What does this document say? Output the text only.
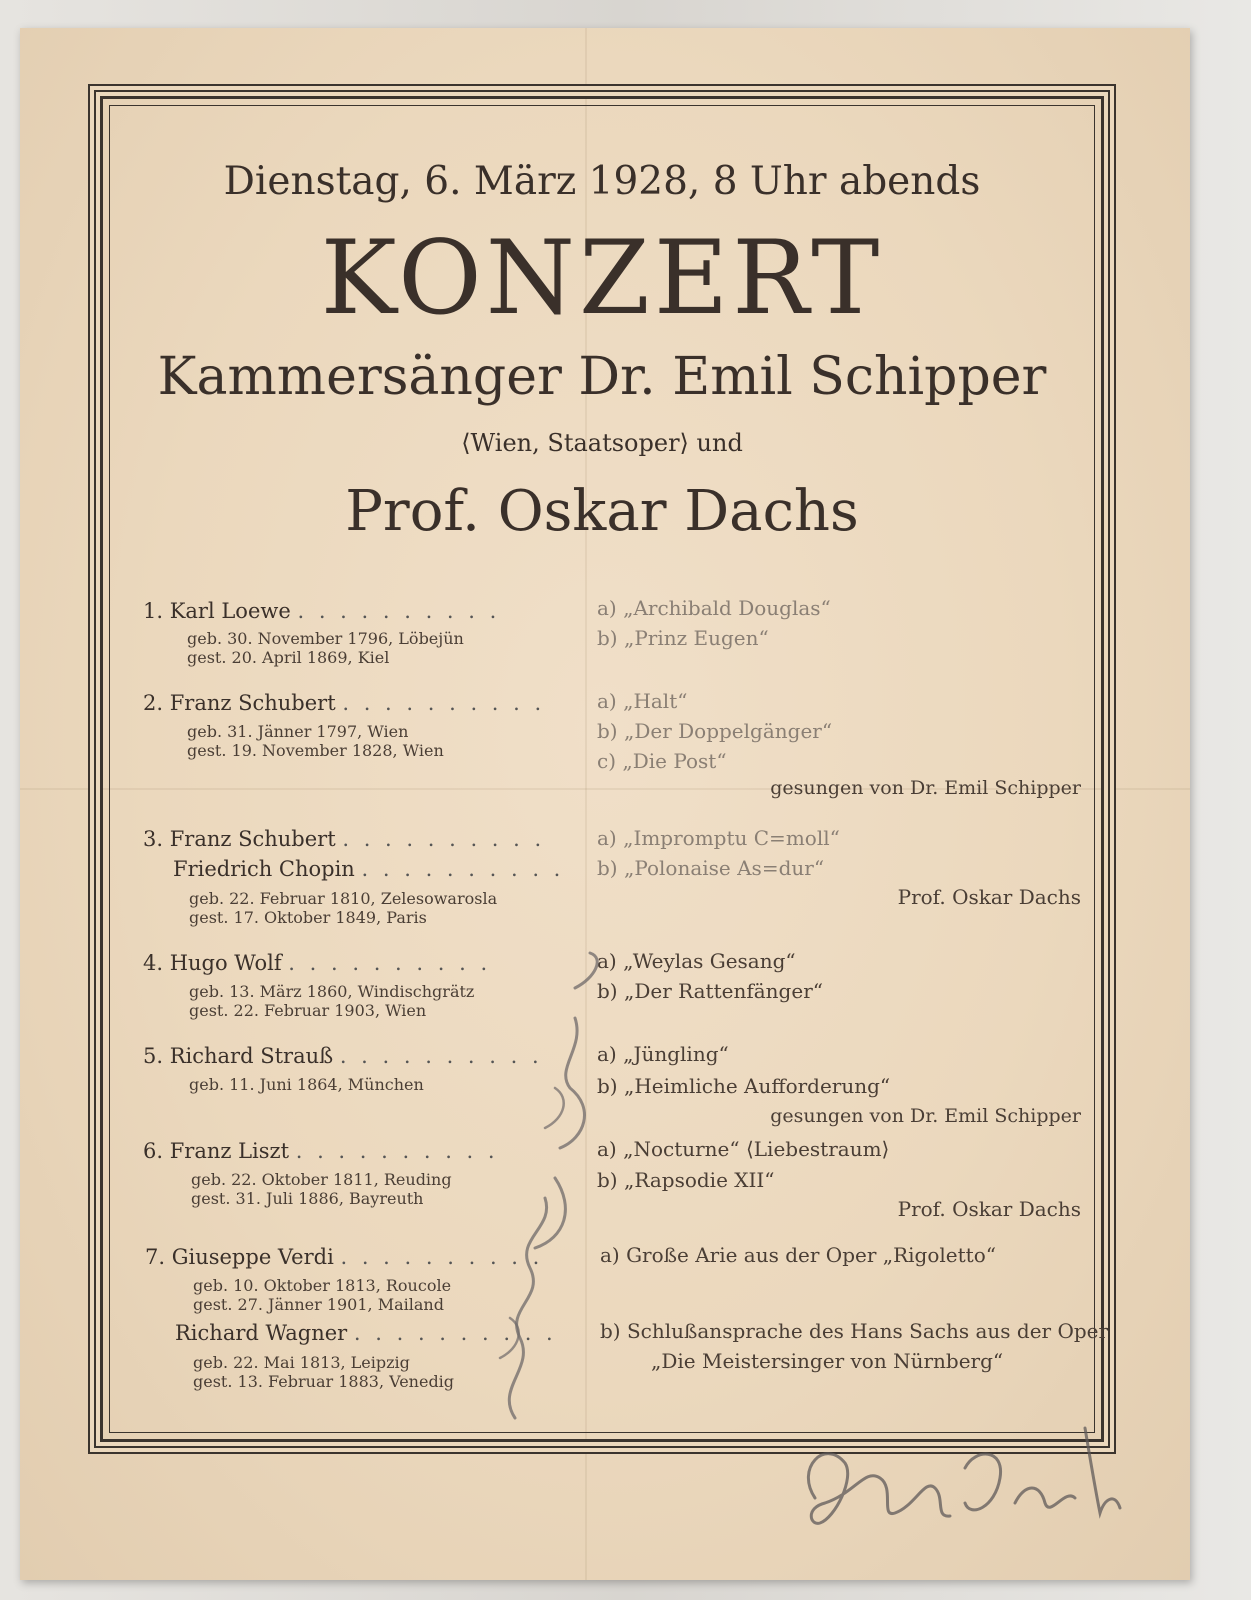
Dienstag, 6. März 1928, 8 Uhr abends
KONZERT
Kammersänger Dr. Emil Schipper
⟨Wien, Staatsoper⟩ und
Prof. Oskar Dachs
1. Karl Loewe . . . . . . . . . .
geb. 30. November 1796, Löbejün
gest. 20. April 1869, Kiel
a) „Archibald Douglas“
b) „Prinz Eugen“
2. Franz Schubert . . . . . . . . . .
geb. 31. Jänner 1797, Wien
gest. 19. November 1828, Wien
a) „Halt“
b) „Der Doppelgänger“
c) „Die Post“
gesungen von Dr. Emil Schipper
3. Franz Schubert . . . . . . . . . .
Friedrich Chopin . . . . . . . . . .
geb. 22. Februar 1810, Zelesowarosla
gest. 17. Oktober 1849, Paris
a) „Impromptu C=moll“
b) „Polonaise As=dur“
Prof. Oskar Dachs
4. Hugo Wolf . . . . . . . . . .
geb. 13. März 1860, Windischgrätz
gest. 22. Februar 1903, Wien
a) „Weylas Gesang“
b) „Der Rattenfänger“
5. Richard Strauß . . . . . . . . . .
geb. 11. Juni 1864, München
a) „Jüngling“
b) „Heimliche Aufforderung“
gesungen von Dr. Emil Schipper
6. Franz Liszt . . . . . . . . . .
geb. 22. Oktober 1811, Reuding
gest. 31. Juli 1886, Bayreuth
a) „Nocturne“ ⟨Liebestraum⟩
b) „Rapsodie XII“
Prof. Oskar Dachs
7. Giuseppe Verdi . . . . . . . . . .
geb. 10. Oktober 1813, Roucole
gest. 27. Jänner 1901, Mailand
a) Große Arie aus der Oper „Rigoletto“
Richard Wagner . . . . . . . . . .
geb. 22. Mai 1813, Leipzig
gest. 13. Februar 1883, Venedig
b) Schlußansprache des Hans Sachs aus der Oper
„Die Meistersinger von Nürnberg“
